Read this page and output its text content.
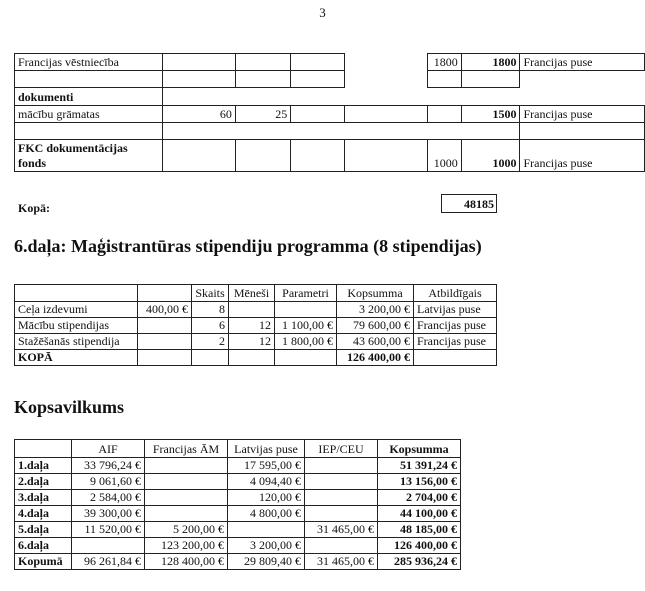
3
Francijas vēstniecība					1800	1800	Francijas puse

dokumenti							
mācību grāmatas	60	25				1500	Francijas puse

FKC dokumentācijas
fonds					1000	1000	Francijas puse
Kopā:	48185
6.daļa: Maģistrantūras stipendiju programma (8 stipendijas)
		Skaits	Mēneši	Parametri	Kopsumma	Atbildīgais
Ceļa izdevumi	400,00 €	8			3 200,00 €	Latvijas puse
Mācību stipendijas		6	12	1 100,00 €	79 600,00 €	Francijas puse
Stažēšanās stipendija		2	12	1 800,00 €	43 600,00 €	Francijas puse
KOPĀ					126 400,00 €	
Kopsavilkums
	AIF	Francijas ĀM	Latvijas puse	IEP/CEU	Kopsumma
1.daļa	33 796,24 €		17 595,00 €		51 391,24 €
2.daļa	9 061,60 €		4 094,40 €		13 156,00 €
3.daļa	2 584,00 €		120,00 €		2 704,00 €
4.daļa	39 300,00 €		4 800,00 €		44 100,00 €
5.daļa	11 520,00 €	5 200,00 €		31 465,00 €	48 185,00 €
6.daļa		123 200,00 €	3 200,00 €		126 400,00 €
Kopumā	96 261,84 €	128 400,00 €	29 809,40 €	31 465,00 €	285 936,24 €
